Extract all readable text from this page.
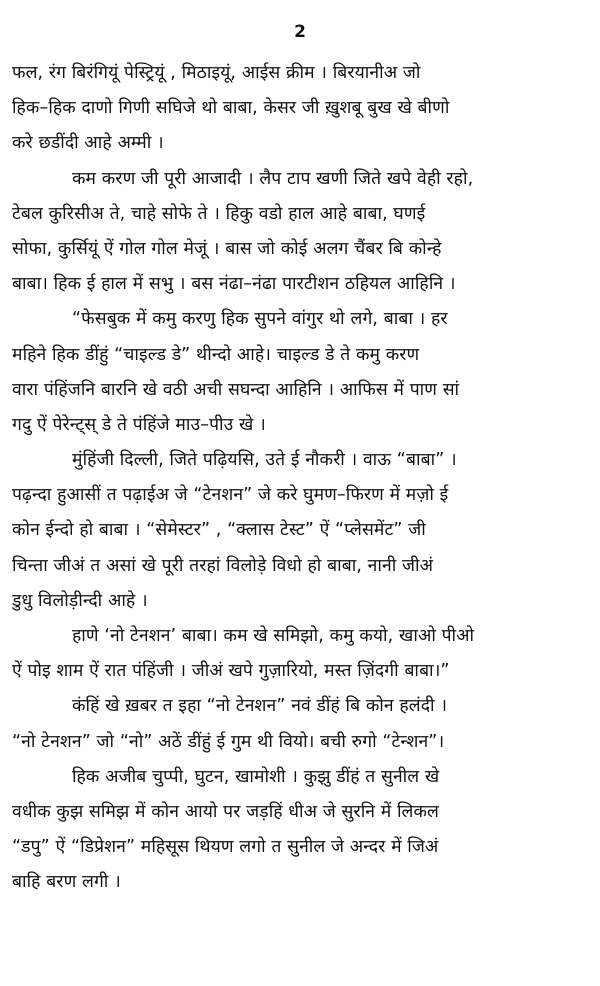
2
फल, रंग बिरंगियूं पेस्ट्रियूं , मिठाइयूं, आईस क्रीम । बिरयानीअ जो
हिक–हिक दाणो गिणी सघिजे थो बाबा, केसर जी ख़ुशबू बुख खे बीणो
करे छडींदी आहे अम्मी ।
कम करण जी पूरी आजादी । लैप टाप खणी जिते खपे वेही रहो,
टेबल कुरिसीअ ते, चाहे सोफे ते । हिकु वडो हाल आहे बाबा, घणई
सोफा, कुर्सियूं ऐं गोल गोल मेजूं । बास जो कोई अलग चैंबर बि कोन्हे
बाबा। हिक ई हाल में सभु । बस नंढा–नंढा पारटीशन ठहियल आहिनि ।
“फेसबुक में कमु करणु हिक सुपने वांगुर थो लगे, बाबा । हर
महिने हिक डींहुं “चाइल्ड डे” थीन्दो आहे। चाइल्ड डे ते कमु करण
वारा पंहिंजनि बारनि खे वठी अची सघन्दा आहिनि । आफिस में पाण सां
गदु ऐं पेरेन्ट्स् डे ते पंहिंजे माउ–पीउ खे ।
मुंहिंजी दिल्ली, जिते पढ़ियसि, उते ई नौकरी । वाऊ “बाबा” ।
पढ़न्दा हुआसीं त पढ़ाईअ जे “टेनशन” जे करे घुमण–फिरण में मज़ो ई
कोन ईन्दो हो बाबा । “सेमेस्टर” , “क्लास टेस्ट” ऐं “प्लेसमेंट” जी
चिन्ता जीअं त असां खे पूरी तरहां विलोड़े विधो हो बाबा, नानी जीअं
डुधु विलोड़ीन्दी आहे ।
हाणे ‘नो टेनशन’ बाबा। कम खे समिझो, कमु कयो, खाओ पीओ
ऐं पोइ शाम ऐं रात पंहिंजी । जीअं खपे गुज़ारियो, मस्त ज़िंदगी बाबा।”
कंहिं खे ख़बर त इहा “नो टेनशन” नवं डींहं बि कोन हलंदी ।
“नो टेनशन” जो “नो” अठें डींहुं ई गुम थी वियो। बची रुगो “टेन्शन”।
हिक अजीब चुप्पी, घुटन, खामोशी । कुझु डींहं त सुनील खे
वधीक कुझ समिझ में कोन आयो पर जड़हिं धीअ जे सुरनि में लिकल
“डपु” ऐं “डिप्रेशन” महिसूस थियण लगो त सुनील जे अन्दर में जिअं
बाहि बरण लगी ।
